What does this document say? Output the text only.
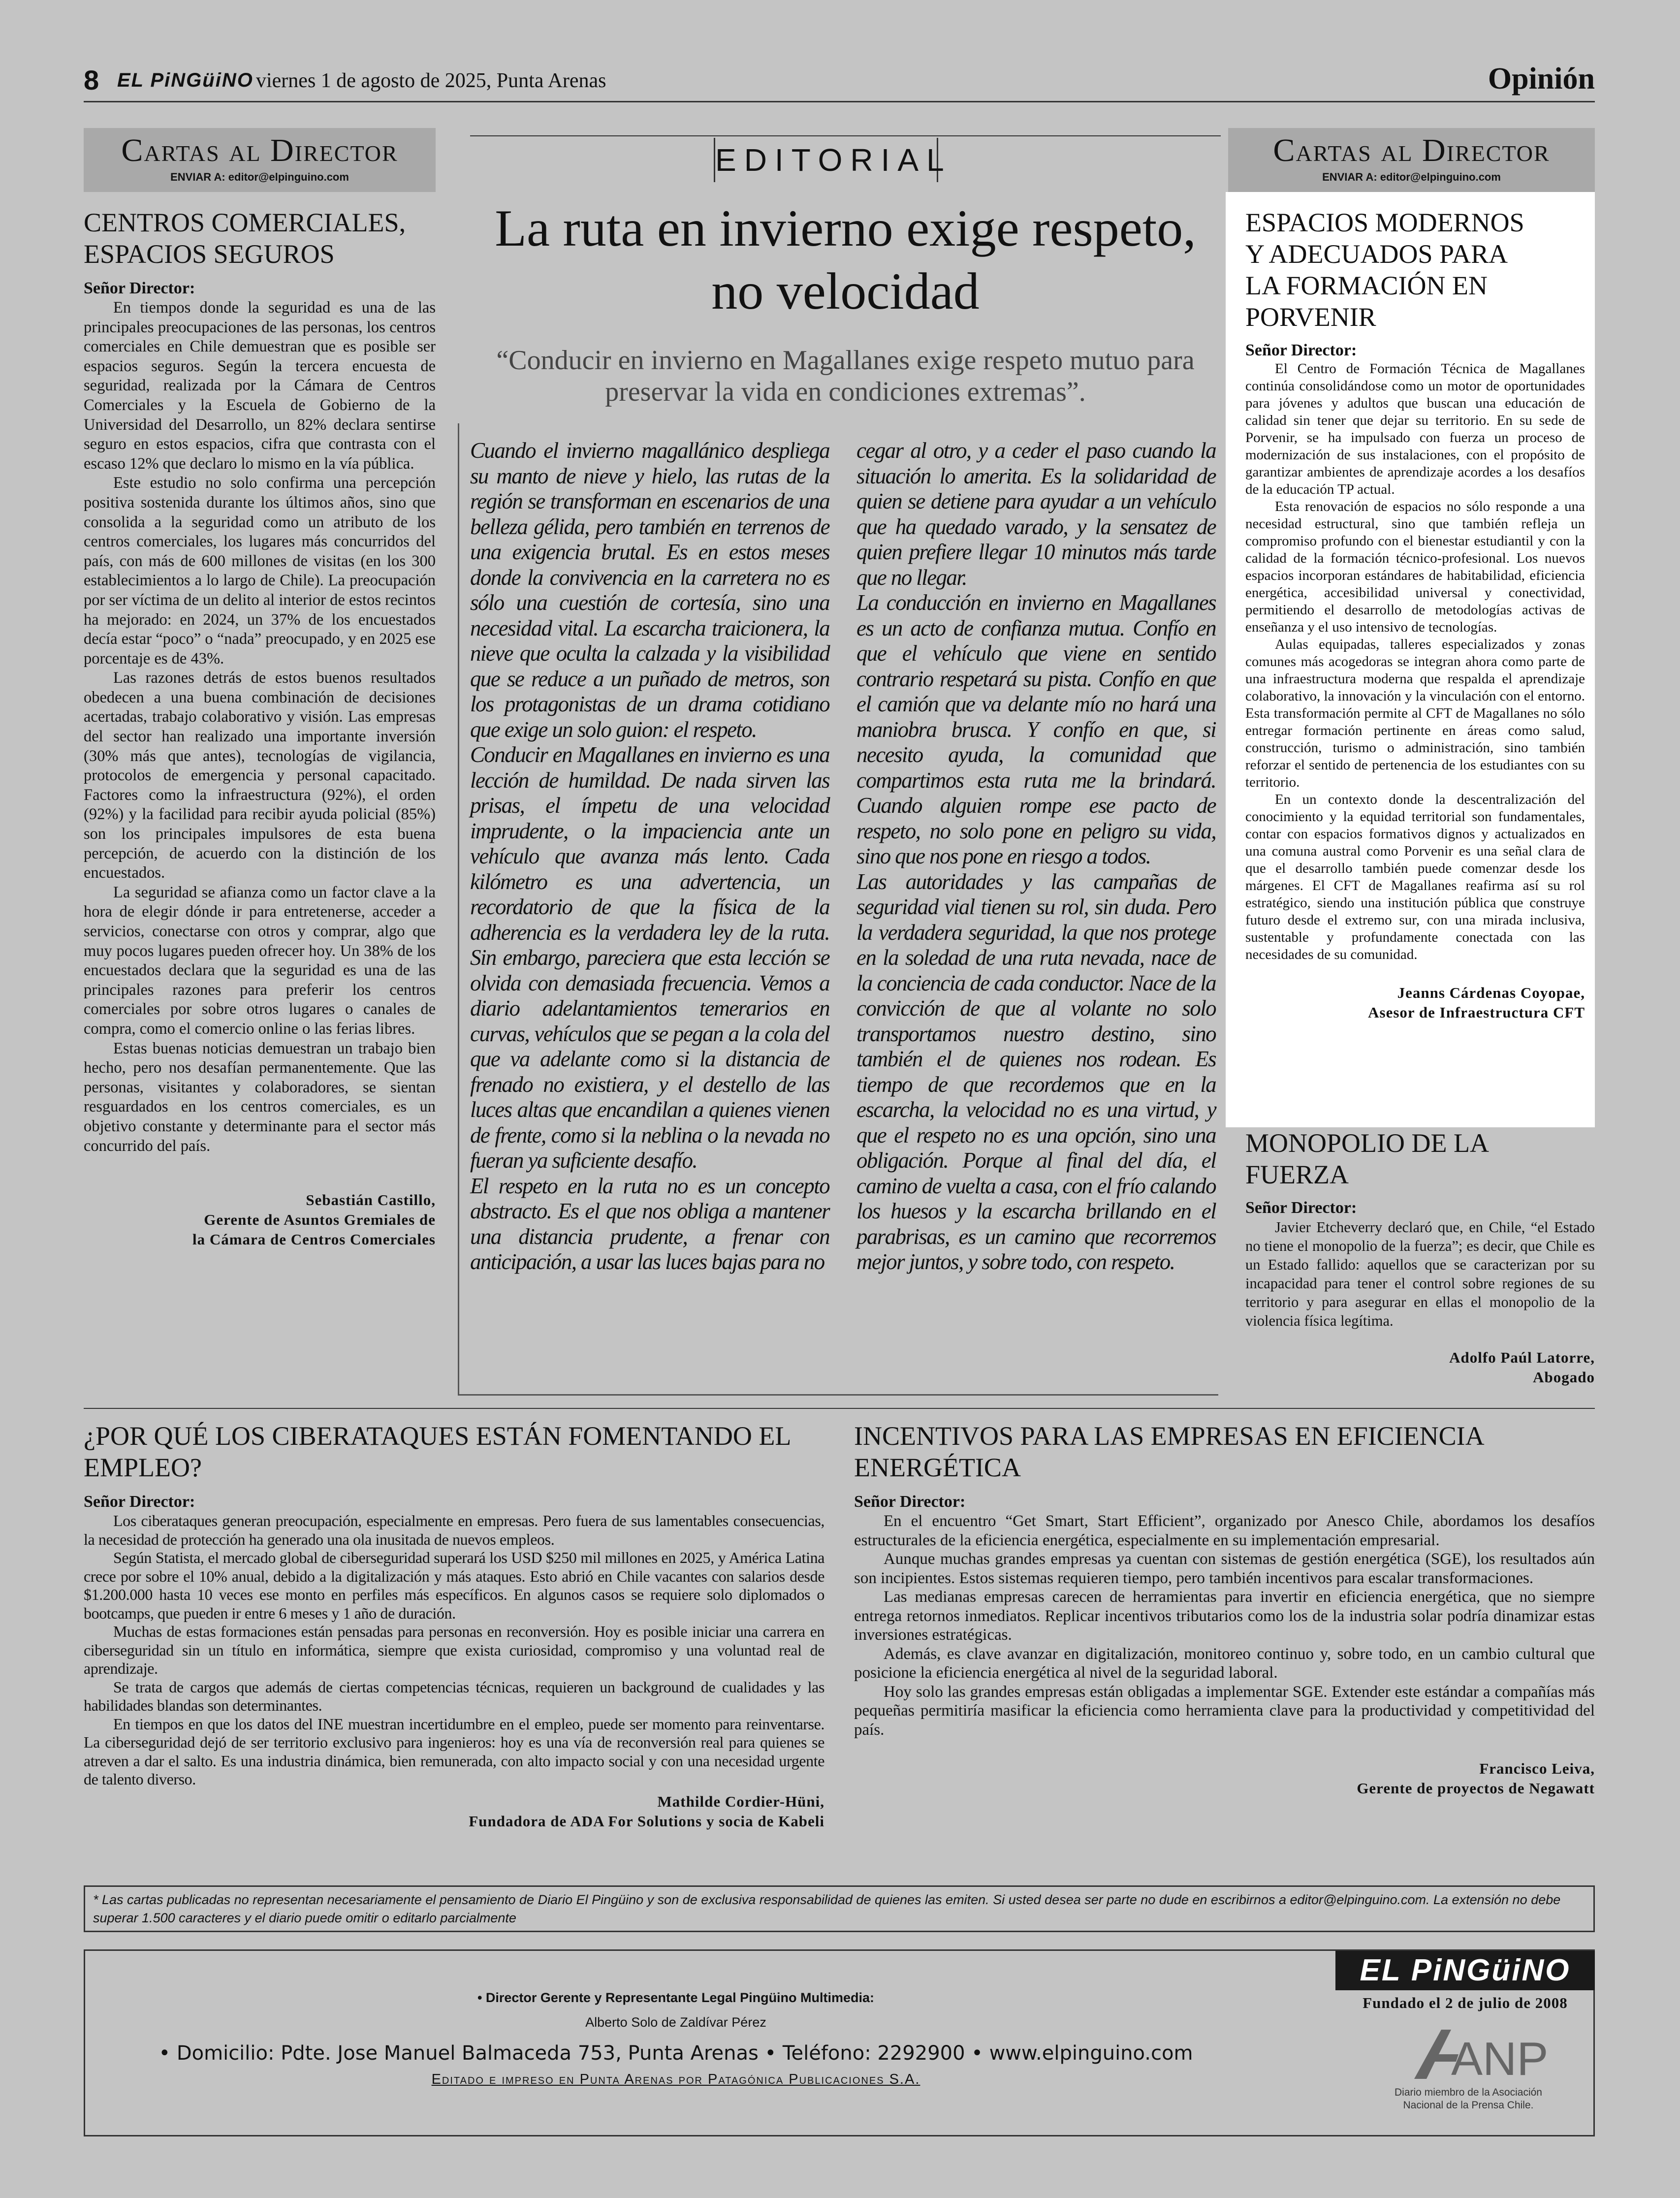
8 EL PiNGüiNO viernes 1 de agosto de 2025, Punta Arenas	Opinión
Cartas al Director
ENVIAR A: editor@elpinguino.com
CENTROS COMERCIALES, ESPACIOS SEGUROS
Señor Director:

En tiempos donde la seguridad es una de las principales preocupaciones de las personas, los centros comerciales en Chile demuestran que es posible ser espacios seguros. Según la tercera encuesta de seguridad, realizada por la Cámara de Centros Comerciales y la Escuela de Gobierno de la Universidad del Desarrollo, un 82% declara sentirse seguro en estos espacios, cifra que contrasta con el escaso 12% que declaro lo mismo en la vía pública.

Este estudio no solo confirma una percepción positiva sostenida durante los últimos años, sino que consolida a la seguridad como un atributo de los centros comerciales, los lugares más concurridos del país, con más de 600 millones de visitas (en los 300 establecimientos a lo largo de Chile). La preocupación por ser víctima de un delito al interior de estos recintos ha mejorado: en 2024, un 37% de los encuestados decía estar “poco” o “nada” preocupado, y en 2025 ese porcentaje es de 43%.

Las razones detrás de estos buenos resultados obedecen a una buena combinación de decisiones acertadas, trabajo colaborativo y visión. Las empresas del sector han realizado una importante inversión (30% más que antes), tecnologías de vigilancia, protocolos de emergencia y personal capacitado. Factores como la infraestructura (92%), el orden (92%) y la facilidad para recibir ayuda policial (85%) son los principales impulsores de esta buena percepción, de acuerdo con la distinción de los encuestados.

La seguridad se afianza como un factor clave a la hora de elegir dónde ir para entretenerse, acceder a servicios, conectarse con otros y comprar, algo que muy pocos lugares pueden ofrecer hoy. Un 38% de los encuestados declara que la seguridad es una de las principales razones para preferir los centros comerciales por sobre otros lugares o canales de compra, como el comercio online o las ferias libres.

Estas buenas noticias demuestran un trabajo bien hecho, pero nos desafían permanentemente. Que las personas, visitantes y colaboradores, se sientan resguardados en los centros comerciales, es un objetivo constante y determinante para el sector más concurrido del país.

Sebastián Castillo,
Gerente de Asuntos Gremiales de
la Cámara de Centros Comerciales
EDITORIAL
La ruta en invierno exige respeto, no velocidad
“Conducir en invierno en Magallanes exige respeto mutuo para preservar la vida en condiciones extremas”.

Cuando el invierno magallánico despliega su manto de nieve y hielo, las rutas de la región se transforman en escenarios de una belleza gélida, pero también en terrenos de una exigencia brutal. Es en estos meses donde la convivencia en la carretera no es sólo una cuestión de cortesía, sino una necesidad vital. La escarcha traicionera, la nieve que oculta la calzada y la visibilidad que se reduce a un puñado de metros, son los protagonistas de un drama cotidiano que exige un solo guion: el respeto.

Conducir en Magallanes en invierno es una lección de humildad. De nada sirven las prisas, el ímpetu de una velocidad imprudente, o la impaciencia ante un vehículo que avanza más lento. Cada kilómetro es una advertencia, un recordatorio de que la física de la adherencia es la verdadera ley de la ruta. Sin embargo, pareciera que esta lección se olvida con demasiada frecuencia. Vemos a diario adelantamientos temerarios en curvas, vehículos que se pegan a la cola del que va adelante como si la distancia de frenado no existiera, y el destello de las luces altas que encandilan a quienes vienen de frente, como si la neblina o la nevada no fueran ya suficiente desafío.

El respeto en la ruta no es un concepto abstracto. Es el que nos obliga a mantener una distancia prudente, a frenar con anticipación, a usar las luces bajas para no

cegar al otro, y a ceder el paso cuando la situación lo amerita. Es la solidaridad de quien se detiene para ayudar a un vehículo que ha quedado varado, y la sensatez de quien prefiere llegar 10 minutos más tarde que no llegar.

La conducción en invierno en Magallanes es un acto de confianza mutua. Confío en que el vehículo que viene en sentido contrario respetará su pista. Confío en que el camión que va delante mío no hará una maniobra brusca. Y confío en que, si necesito ayuda, la comunidad que compartimos esta ruta me la brindará. Cuando alguien rompe ese pacto de respeto, no solo pone en peligro su vida, sino que nos pone en riesgo a todos.

Las autoridades y las campañas de seguridad vial tienen su rol, sin duda. Pero la verdadera seguridad, la que nos protege en la soledad de una ruta nevada, nace de la conciencia de cada conductor. Nace de la convicción de que al volante no solo transportamos nuestro destino, sino también el de quienes nos rodean. Es tiempo de que recordemos que en la escarcha, la velocidad no es una virtud, y que el respeto no es una opción, sino una obligación. Porque al final del día, el camino de vuelta a casa, con el frío calando los huesos y la escarcha brillando en el parabrisas, es un camino que recorremos mejor juntos, y sobre todo, con respeto.

Cartas al Director
ENVIAR A: editor@elpinguino.com
ESPACIOS MODERNOS Y ADECUADOS PARA LA FORMACIÓN EN PORVENIR
Señor Director:

El Centro de Formación Técnica de Magallanes continúa consolidándose como un motor de oportunidades para jóvenes y adultos que buscan una educación de calidad sin tener que dejar su territorio. En su sede de Porvenir, se ha impulsado con fuerza un proceso de modernización de sus instalaciones, con el propósito de garantizar ambientes de aprendizaje acordes a los desafíos de la educación TP actual.

Esta renovación de espacios no sólo responde a una necesidad estructural, sino que también refleja un compromiso profundo con el bienestar estudiantil y con la calidad de la formación técnico-profesional. Los nuevos espacios incorporan estándares de habitabilidad, eficiencia energética, accesibilidad universal y conectividad, permitiendo el desarrollo de metodologías activas de enseñanza y el uso intensivo de tecnologías.

Aulas equipadas, talleres especializados y zonas comunes más acogedoras se integran ahora como parte de una infraestructura moderna que respalda el aprendizaje colaborativo, la innovación y la vinculación con el entorno. Esta transformación permite al CFT de Magallanes no sólo entregar formación pertinente en áreas como salud, construcción, turismo o administración, sino también reforzar el sentido de pertenencia de los estudiantes con su territorio.

En un contexto donde la descentralización del conocimiento y la equidad territorial son fundamentales, contar con espacios formativos dignos y actualizados en una comuna austral como Porvenir es una señal clara de que el desarrollo también puede comenzar desde los márgenes. El CFT de Magallanes reafirma así su rol estratégico, siendo una institución pública que construye futuro desde el extremo sur, con una mirada inclusiva, sustentable y profundamente conectada con las necesidades de su comunidad.

Jeanns Cárdenas Coyopae,
Asesor de Infraestructura CFT
MONOPOLIO DE LA FUERZA
Señor Director:

Javier Etcheverry declaró que, en Chile, “el Estado no tiene el monopolio de la fuerza”; es decir, que Chile es un Estado fallido: aquellos que se caracterizan por su incapacidad para tener el control sobre regiones de su territorio y para asegurar en ellas el monopolio de la violencia física legítima.

Adolfo Paúl Latorre,
Abogado
¿POR QUÉ LOS CIBERATAQUES ESTÁN FOMENTANDO EL EMPLEO?
Señor Director:

Los ciberataques generan preocupación, especialmente en empresas. Pero fuera de sus lamentables consecuencias, la necesidad de protección ha generado una ola inusitada de nuevos empleos.

Según Statista, el mercado global de ciberseguridad superará los USD $250 mil millones en 2025, y América Latina crece por sobre el 10% anual, debido a la digitalización y más ataques. Esto abrió en Chile vacantes con salarios desde $1.200.000 hasta 10 veces ese monto en perfiles más específicos. En algunos casos se requiere solo diplomados o bootcamps, que pueden ir entre 6 meses y 1 año de duración.

Muchas de estas formaciones están pensadas para personas en reconversión. Hoy es posible iniciar una carrera en ciberseguridad sin un título en informática, siempre que exista curiosidad, compromiso y una voluntad real de aprendizaje.

Se trata de cargos que además de ciertas competencias técnicas, requieren un background de cualidades y las habilidades blandas son determinantes.

En tiempos en que los datos del INE muestran incertidumbre en el empleo, puede ser momento para reinventarse. La ciberseguridad dejó de ser territorio exclusivo para ingenieros: hoy es una vía de reconversión real para quienes se atreven a dar el salto. Es una industria dinámica, bien remunerada, con alto impacto social y con una necesidad urgente de talento diverso.

Mathilde Cordier-Hüni,
Fundadora de ADA For Solutions y socia de Kabeli
INCENTIVOS PARA LAS EMPRESAS EN EFICIENCIA ENERGÉTICA
Señor Director:

En el encuentro “Get Smart, Start Efficient”, organizado por Anesco Chile, abordamos los desafíos estructurales de la eficiencia energética, especialmente en su implementación empresarial.

Aunque muchas grandes empresas ya cuentan con sistemas de gestión energética (SGE), los resultados aún son incipientes. Estos sistemas requieren tiempo, pero también incentivos para escalar transformaciones.

Las medianas empresas carecen de herramientas para invertir en eficiencia energética, que no siempre entrega retornos inmediatos. Replicar incentivos tributarios como los de la industria solar podría dinamizar estas inversiones estratégicas.

Además, es clave avanzar en digitalización, monitoreo continuo y, sobre todo, en un cambio cultural que posicione la eficiencia energética al nivel de la seguridad laboral.

Hoy solo las grandes empresas están obligadas a implementar SGE. Extender este estándar a compañías más pequeñas permitiría masificar la eficiencia como herramienta clave para la productividad y competitividad del país.

Francisco Leiva,
Gerente de proyectos de Negawatt
* Las cartas publicadas no representan necesariamente el pensamiento de Diario El Pingüino y son de exclusiva responsabilidad de quienes las emiten. Si usted desea ser parte no dude en escribirnos a editor@elpinguino.com. La extensión no debe superar 1.500 caracteres y el diario puede omitir o editarlo parcialmente
• Director Gerente y Representante Legal Pingüino Multimedia:
Alberto Solo de Zaldívar Pérez
• Domicilio: Pdte. Jose Manuel Balmaceda 753, Punta Arenas • Teléfono: 2292900 • www.elpinguino.com
Editado e impreso en Punta Arenas por Patagónica Publicaciones S.A.
EL PiNGüiNO
Fundado el 2 de julio de 2008
ANP
Diario miembro de la Asociación Nacional de la Prensa Chile.
